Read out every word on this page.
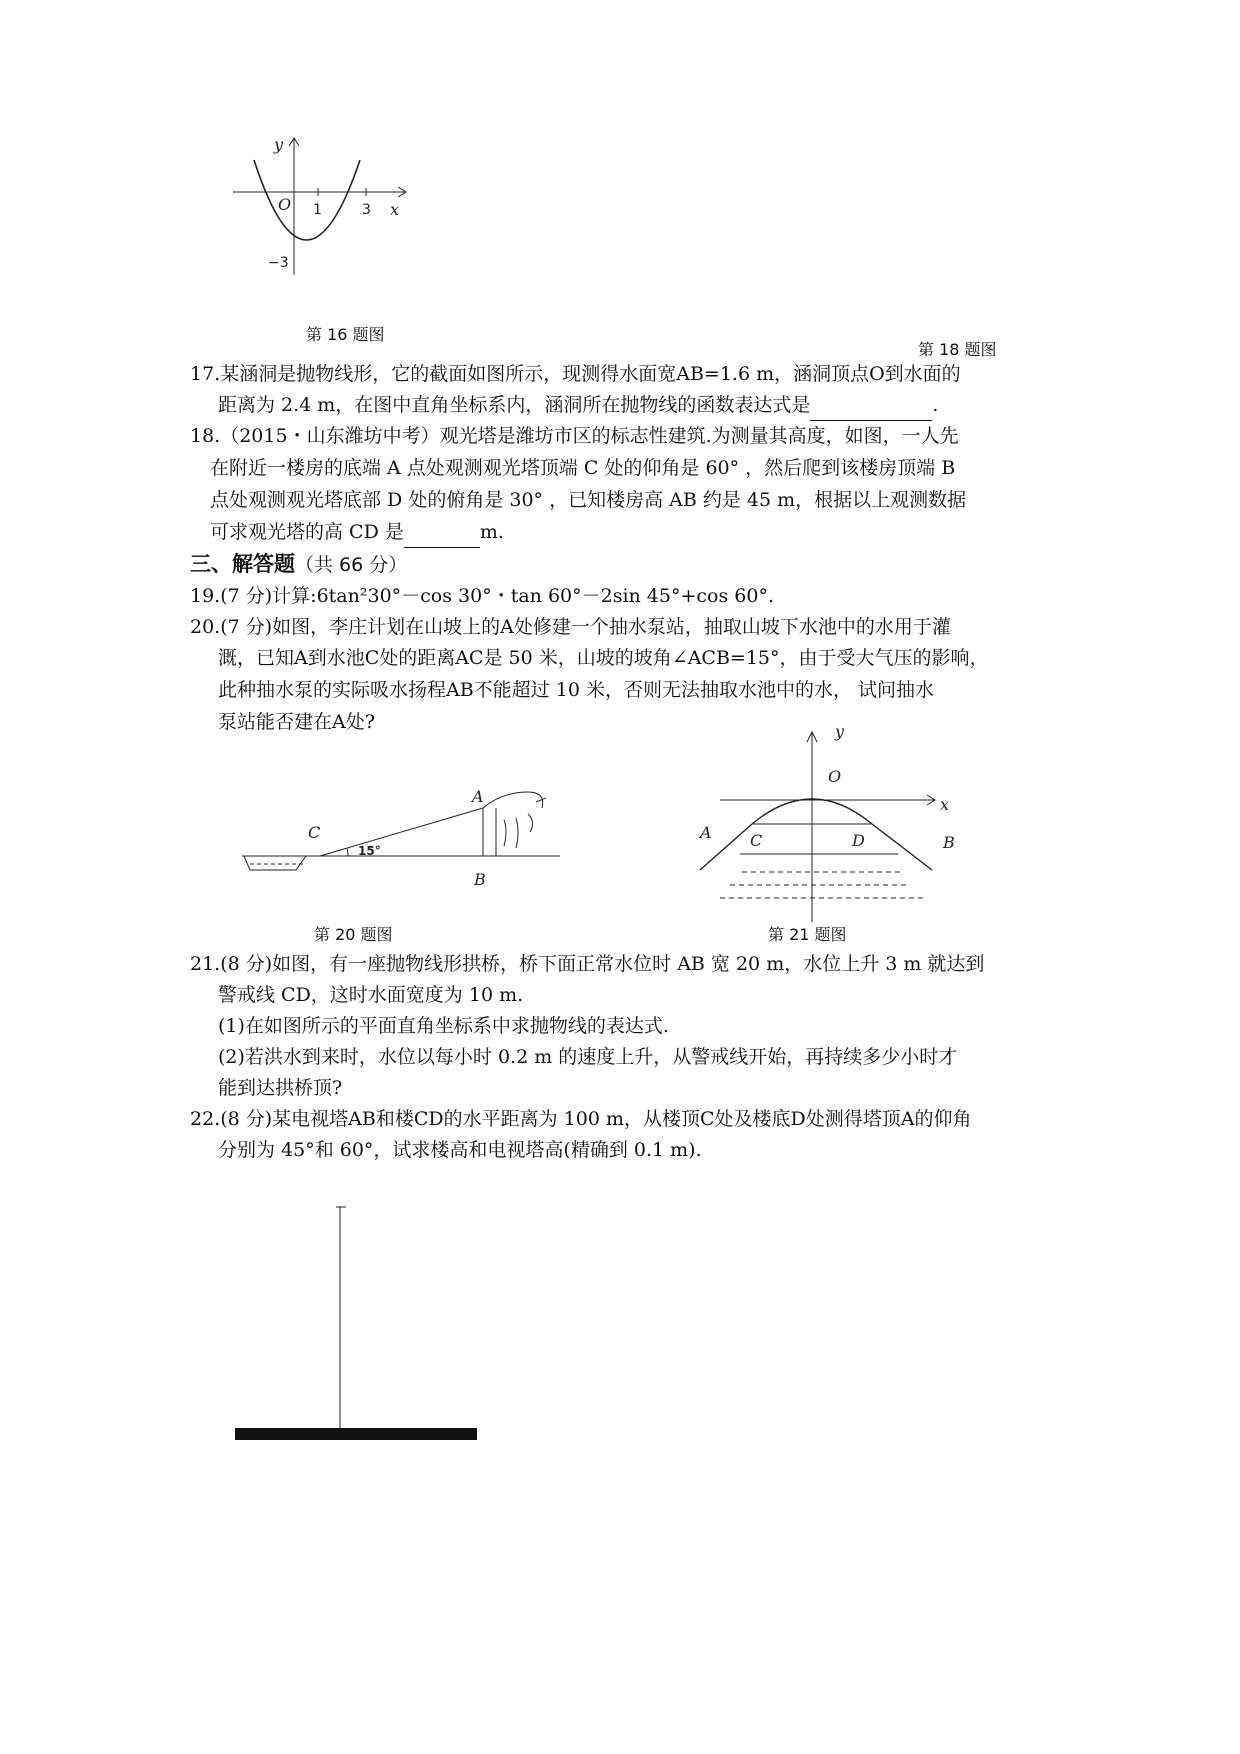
y
x
O 1	3
−3
第 16 题图
第 18 题图
17.某涵洞是抛物线形，它的截面如图所示，现测得水面宽AB=1.6 m，涵洞顶点O到水面的
距离为 2.4 m，在图中直角坐标系内，涵洞所在抛物线的函数表达式是	.
18.（2015・山东潍坊中考）观光塔是潍坊市区的标志性建筑.为测量其高度，如图，一人先
在附近一楼房的底端 A 点处观测观光塔顶端 C 处的仰角是 60° ，然后爬到该楼房顶端 B
点处观测观光塔底部 D 处的俯角是 30° ，已知楼房高 AB 约是 45 m，根据以上观测数据
可求观光塔的高 CD 是	m.
三、解答题（共 66 分）
19.(7 分)计算:6tan²30°－cos 30°・tan 60°－2sin 45°+cos 60°.
20.(7 分)如图，李庄计划在山坡上的A处修建一个抽水泵站，抽取山坡下水池中的水用于灌
溉，已知A到水池C处的距离AC是 50 米，山坡的坡角∠ACB=15°，由于受大气压的影响，
此种抽水泵的实际吸水扬程AB不能超过 10 米，否则无法抽取水池中的水， 试问抽水
泵站能否建在A处?
A
B
C
15°
第 20 题图
y
x
O
A
B
C	D
第 21 题图
21.(8 分)如图，有一座抛物线形拱桥，桥下面正常水位时 AB 宽 20 m，水位上升 3 m 就达到
警戒线 CD，这时水面宽度为 10 m.
(1)在如图所示的平面直角坐标系中求抛物线的表达式.
(2)若洪水到来时，水位以每小时 0.2 m 的速度上升，从警戒线开始，再持续多少小时才
能到达拱桥顶?
22.(8 分)某电视塔AB和楼CD的水平距离为 100 m，从楼顶C处及楼底D处测得塔顶A的仰角
分别为 45°和 60°，试求楼高和电视塔高(精确到 0.1 m).
